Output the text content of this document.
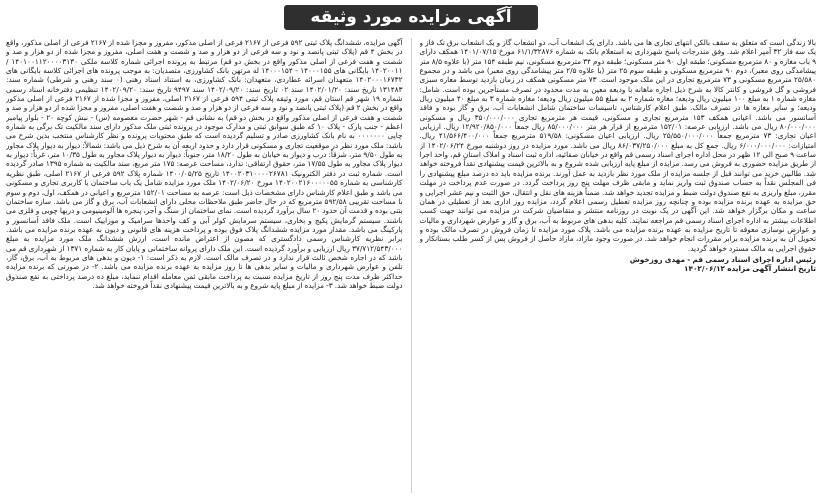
آگهی مزایده مورد وثیقه

آگهی مزایده، ششدانگ پلاک ثبتی ۵۹۲ فرعی از ۲۱۶۷ فرعی از اصلی مذکور، مفروز و مجزا شده از ۲۱۶۷ فرعی از اصلی مذکور، واقع در بخش ۴ قم (پلاک ثبتی پانصد و نود و سه فرعی از دو هزار و صد و شصت و هفت اصلی، مفروز و مجزا شده از دو هزار و صد و شصت و هفت فرعی از اصلی مذکور واقع در بخش دو قم) مرتبط به پرونده اجرائی شماره کلاسه ملکی ۱۴۰۱۰۰۱۱۲۰۰۰۰۳۱۳۰ / ۱۴۰۲۰۰۱۱ بایگانی های ۱۴۰۰۰۱۵۵ - ۱۴۰۰۰۱۵۴ له مرتهن بانک کشاورزی، متصدیان: به موجب پرونده های اجرائی کلاسه بایگانی های ۱۴۰۲۰۰۰۱۶۷۳۲ متعهدان اسرائه عطاردی، متعهدان: بانک کشاورزی، به استناد اسناد رهنی (۰ سند رهنی و شرطی) شماره سند: ۱۳۱۴۸۳ تاریخ سند: ۱۴۰۲/۰۱/۲۰ سند ۰۲ تاریخ سند: ۱۴۰۲/۰۹/۲۰ سند ۹۴۹۷ تاریخ سند: ۱۴۰۲/۰۹/۲۰ تنظیمی دفترخانه اسناد رسمی شماره ۱۹ شهر قم استان قم، مورد وثیقه پلاک ثبتی ۵۹۴ فرعی از ۲۱۶۷ اصلی، مفروز و مجزا شده از ۲۱۶۷ فرعی از اصلی مذکور واقع در بخش ۲ قم (پلاک ثبتی پانصد و نود و سه فرعی از دو هزار و صد و شصت و هفت اصلی، مفروز و مجزا شده از دو هزار و صد و شصت و هفت فرعی از اصلی مذکور واقع در بخش دو قم) به نشانی قم - شهر حضرت معصومه (س) - نبش کوچه ۲۰ - بلوار پیامبر اعظم - جنب پارک - پلاک ۱۰ که طبق سوابق ثبتی و مدارک موجود در پرونده ثبتی ملک مذکور دارای سند مالکیت تک برگی به شماره چاپی ۰۰۰۰۰۰۰ به نام بانک کشاورزی صادر و تسلیم گردیده است که طبق محتویات پرونده و نظر کارشناس منتخب بدین شرح می باشد: ملک مورد نظر در موقعیت تجاری و مسکونی قرار دارد و حدود اربعه آن به شرح ذیل می باشد: شمالاً: دیوار به دیوار پلاک مجاور به طول ۹/۵۰ متر، شرقاً: درب و دیوار به خیابان به طول ۱۸/۲۰ متر، جنوباً: دیوار به دیوار پلاک مجاور به طول ۱۰/۳۵ متر، غرباً: دیوار به دیوار پلاک مجاور به طول ۱۷/۵۵ متر، حقوق ارتفاقی: ندارد، مساحت عرصه: ۱۷۵ متر مربع، سند مالکیت به شماره ۱۳۹۵ صادر گردیده است. شماره ثبت در دفتر الکترونیک ۱۴۰۰۲۰۳۱۰۰۰۰۲۶۷۸۱ تاریخ ۱۴۰۰/۰۵/۲۵ شماره پلاک ۵۹۲ فرعی از ۲۱۶۷ اصلی، طبق نظریه کارشناسی به شماره ۱۴۰۲۰۰۲۱۶۰۰۰۰۰۵۵ مورخ ۱۴۰۲/۰۶/۲۰ ملک مورد مزایده شامل یک باب ساختمان با کاربری تجاری و مسکونی می باشد و طبق اعلام کارشناس دارای مشخصات ذیل است: عرصه به مساحت ۱۵۲/۰۱ مترمربع و اعیانی در همکف، اول، دوم و سوم با مساحت تقریبی ۵۹۲/۵۸ مترمربع که در حال حاضر طبق ملاحظات محلی دارای انشعابات آب، برق و گاز می باشد. سازه ساختمان بتنی بوده و قدمت آن حدود ۲۰ سال برآورد گردیده است. نمای ساختمان از سنگ و آجر، پنجره ها آلومینیومی و دربها چوبی و فلزی می باشند. سیستم گرمایش پکیج و بخاری، سیستم سرمایش کولر آبی و کف واحدها سرامیک و موزاییک است. ملک فاقد آسانسور و پارکینگ می باشد. مقدار مورد مزایده ششدانگ پلاک فوق بوده و پرداخت هزینه های قانونی و دیون به عهده برنده مزایده می باشد. برابر نظریه کارشناس رسمی دادگستری که مصون از اعتراض مانده است، ارزش ششدانگ ملک مورد مزایده به مبلغ ۳۷/۷۱۲/۵۴۳/۰۰۰ ریال ارزیابی و برآورد گردیده است. این ملک دارای پروانه ساختمانی و پایان کار به شماره ۱۳۷۱ از شهرداری قم می باشد که در اجاره شخص ثالث قرار ندارد و در تصرف مالک است. لازم به ذکر است: ۱- دیون و بدهی های مربوط به آب، برق، گاز، تلفن و عوارض شهرداری و مالیات و سایر بدهی ها تا روز مزایده به عهده برنده مزایده می باشد. ۲- در صورتی که برنده مزایده حداکثر ظرف مدت پنج روز از تاریخ مزایده نسبت به پرداخت مابقی ثمن معامله اقدام ننماید، مبلغ ده درصد پرداختی به نفع صندوق دولت ضبط خواهد شد. ۳- مزایده از مبلغ پایه شروع و به بالاترین قیمت پیشنهادی نقداً فروخته خواهد شد.

بالا زندگی است که متعلق به سقف بالکن انتهای تجاری ها می باشد. دارای یک انشعاب آب، دو انشعاب گاز و یک انشعاب برق تک فاز و یک سه فاز ۳۲ آمپر اعلام شد. وفق مندرجات پاسخ شهرداری به استعلام بانک به شماره ۶۱/۱/۳۲۸۷۶ مورخ ۱۴۰۱/۰۷/۱۵ همکف دارای ۹ باب مغازه و ۸۰ مترمربع مسکونی؛ طبقه اول ۹۰ متر مسکونی؛ طبقه دوم ۳۴ مترمربع مسکونی، نیم طبقه ۱۵۴ متر (با علاوه ۸/۵ متر پیشامدگی روی معبر)، دوم ۹۰ مترمربع مسکونی و طبقه سوم ۲۵ متر (با علاوه ۲/۵ متر پیشامدگی روی معبر) می باشد و در مجموع ۲۵/۵۸۰ مترمربع مسکونی و ۷۳ مترمربع تجاری در این ملک موجود است. ۷۳ متر مسکونی همکف در زمان بازدید توسط معاره سبزی فروشی و گل فروشی و کانتر کالا به شرح ذیل اجاره ماهانه با ودیعه معین به مدت محدود در تصرف مستأجرین بوده است. شامل: مغازه شماره ۱ به مبلغ ۱۰۰ میلیون ریال ودیعه؛ مغازه شماره ۲ به مبلغ ۵۵ میلیون ریال ودیعه؛ مغازه شماره ۳ به مبلغ ۴۰ میلیون ریال ودیعه؛ و سایر مغازه ها در تصرف مالک. طبق اعلام کارشناس، تاسیسات ساختمان شامل انشعابات آب، برق و گاز بوده و فاقد آسانسور می باشد. اعیانی همکف ۱۵۳ مترمربع تجاری و مسکونی، قیمت هر مترمربع تجاری ۳۵۰/۰۰۰/۰۰۰ ریال و مسکونی ۸۰/۰۰۰/۰۰۰ ریال می باشد. ارزیابی عرصه: ۱۵۲/۰۱ مترمربع از قرار هر متر ۸۵/۰۰۰/۰۰۰ ریال جمعاً ۱۲/۹۲۰/۸۵۰/۰۰۰ ریال. ارزیابی اعیان تجاری: ۷۳ مترمربع جمعاً ۲۵/۵۵۰/۰۰۰/۰۰۰ ریال. ارزیابی اعیان مسکونی: ۵۱۹/۵۸ مترمربع جمعاً ۴۱/۵۶۶/۴۰۰/۰۰۰ ریال. امتیازات: ۶/۰۰۰/۰۰۰/۰۰۰ ریال. جمع کل به مبلغ ۸۶/۰۳۷/۲۵۰/۰۰۰ ریال می باشد. مورد مزایده در روز دوشنبه مورخ ۱۴۰۲/۰۶/۲۴ از ساعت ۹ صبح الی ۱۲ ظهر در محل اداره اجرای اسناد رسمی قم واقع در خیابان صفائیه، اداره ثبت اسناد و املاک استان قم، واحد اجرا از طریق مزایده حضوری به فروش می رسد. مزایده از مبلغ پایه ارزیابی شده شروع و به بالاترین قیمت پیشنهادی نقداً فروخته خواهد شد. طالبین خرید می توانند قبل از جلسه مزایده از ملک مورد نظر بازدید به عمل آورند. برنده مزایده باید ده درصد مبلغ پیشنهادی را فی المجلس نقداً به حساب صندوق ثبت واریز نماید و مابقی ظرف مهلت پنج روز پرداخت گردد. در صورت عدم پرداخت در مهلت مقرر، مبلغ واریزی به نفع صندوق دولت ضبط و مزایده تجدید خواهد شد. ضمناً هزینه های نقل و انتقال، حق الثبت و نیم عشر اجرایی و حق مزایده به عهده برنده مزایده بوده و چنانچه روز مزایده تعطیل رسمی اعلام گردد، مزایده روز اداری بعد از تعطیلی در همان ساعت و مکان برگزار خواهد شد. این آگهی در یک نوبت در روزنامه منتشر و متقاضیان شرکت در مزایده می توانند جهت کسب اطلاعات بیشتر به اداره اجرای اسناد رسمی قم مراجعه نمایند. کلیه بدهی های مربوط به آب، برق و گاز و عوارض شهرداری و مالیات و عوارض نوسازی معوقه تا تاریخ مزایده به عهده برنده مزایده می باشد. پلاک مورد مزایده تا زمان فروش در تصرف مالک بوده و تحویل آن به برنده مزایده برابر مقررات انجام خواهد شد. در صورت وجود مازاد، مازاد حاصل از فروش پس از کسر طلب بستانکار و حقوق اجرایی به مالک مسترد خواهد گردید.

رئیس اداره اجرای اسناد رسمی قم - مهدی روزخوش
تاریخ انتشار آگهی مزایده ۱۴۰۲/۰۶/۱۲
